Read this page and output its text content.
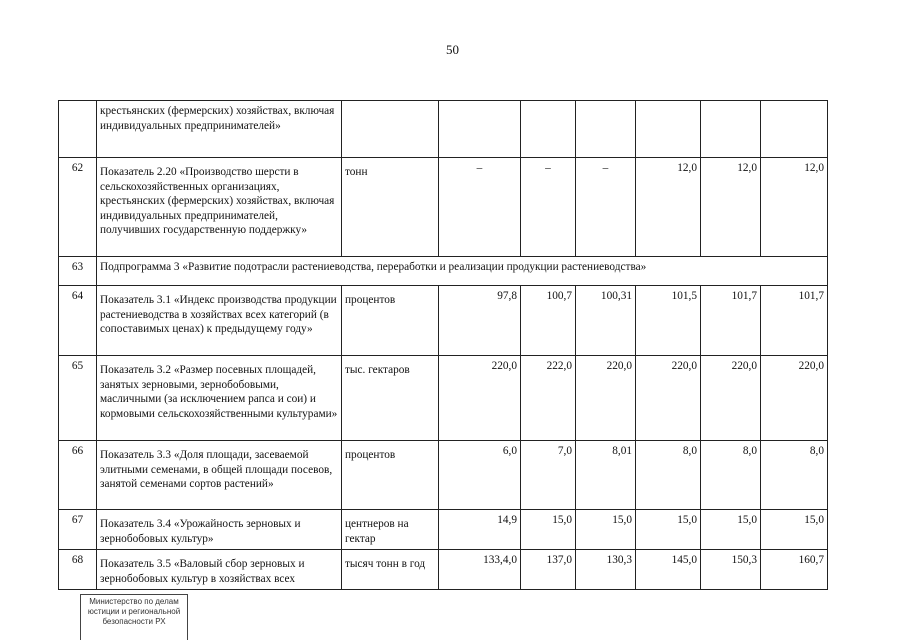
50
	крестьянских (фермерских) хозяйствах, включая индивидуальных предпринимателей»							
62	Показатель 2.20 «Производство шерсти в сельскохозяйственных организациях, крестьянских (фермерских) хозяйствах, включая индивидуальных предпринимателей, получивших государственную поддержку»	тонн	–	–	–	12,0	12,0	12,0
63	Подпрограмма 3 «Развитие подотрасли растениеводства, переработки и реализации продукции растениеводства»							
64	Показатель 3.1 «Индекс производства продукции растениеводства в хозяйствах всех категорий (в сопоставимых ценах) к предыдущему году»	процентов	97,8	100,7	100,31	101,5	101,7	101,7
65	Показатель 3.2 «Размер посевных площадей, занятых зерновыми, зернобобовыми, масличными (за исключением рапса и сои) и кормовыми сельскохозяйственными культурами»	тыс. гектаров	220,0	222,0	220,0	220,0	220,0	220,0
66	Показатель 3.3 «Доля площади, засеваемой элитными семенами, в общей площади посевов, занятой семенами сортов растений»	процентов	6,0	7,0	8,01	8,0	8,0	8,0
67	Показатель 3.4 «Урожайность зерновых и зернобобовых культур»	центнеров на гектар	14,9	15,0	15,0	15,0	15,0	15,0
68	Показатель 3.5 «Валовый сбор зерновых и зернобобовых культур в хозяйствах всех	тысяч тонн в год	133,4,0	137,0	130,3	145,0	150,3	160,7
Министерство по делам
юстиции и региональной
безопасности РХ
